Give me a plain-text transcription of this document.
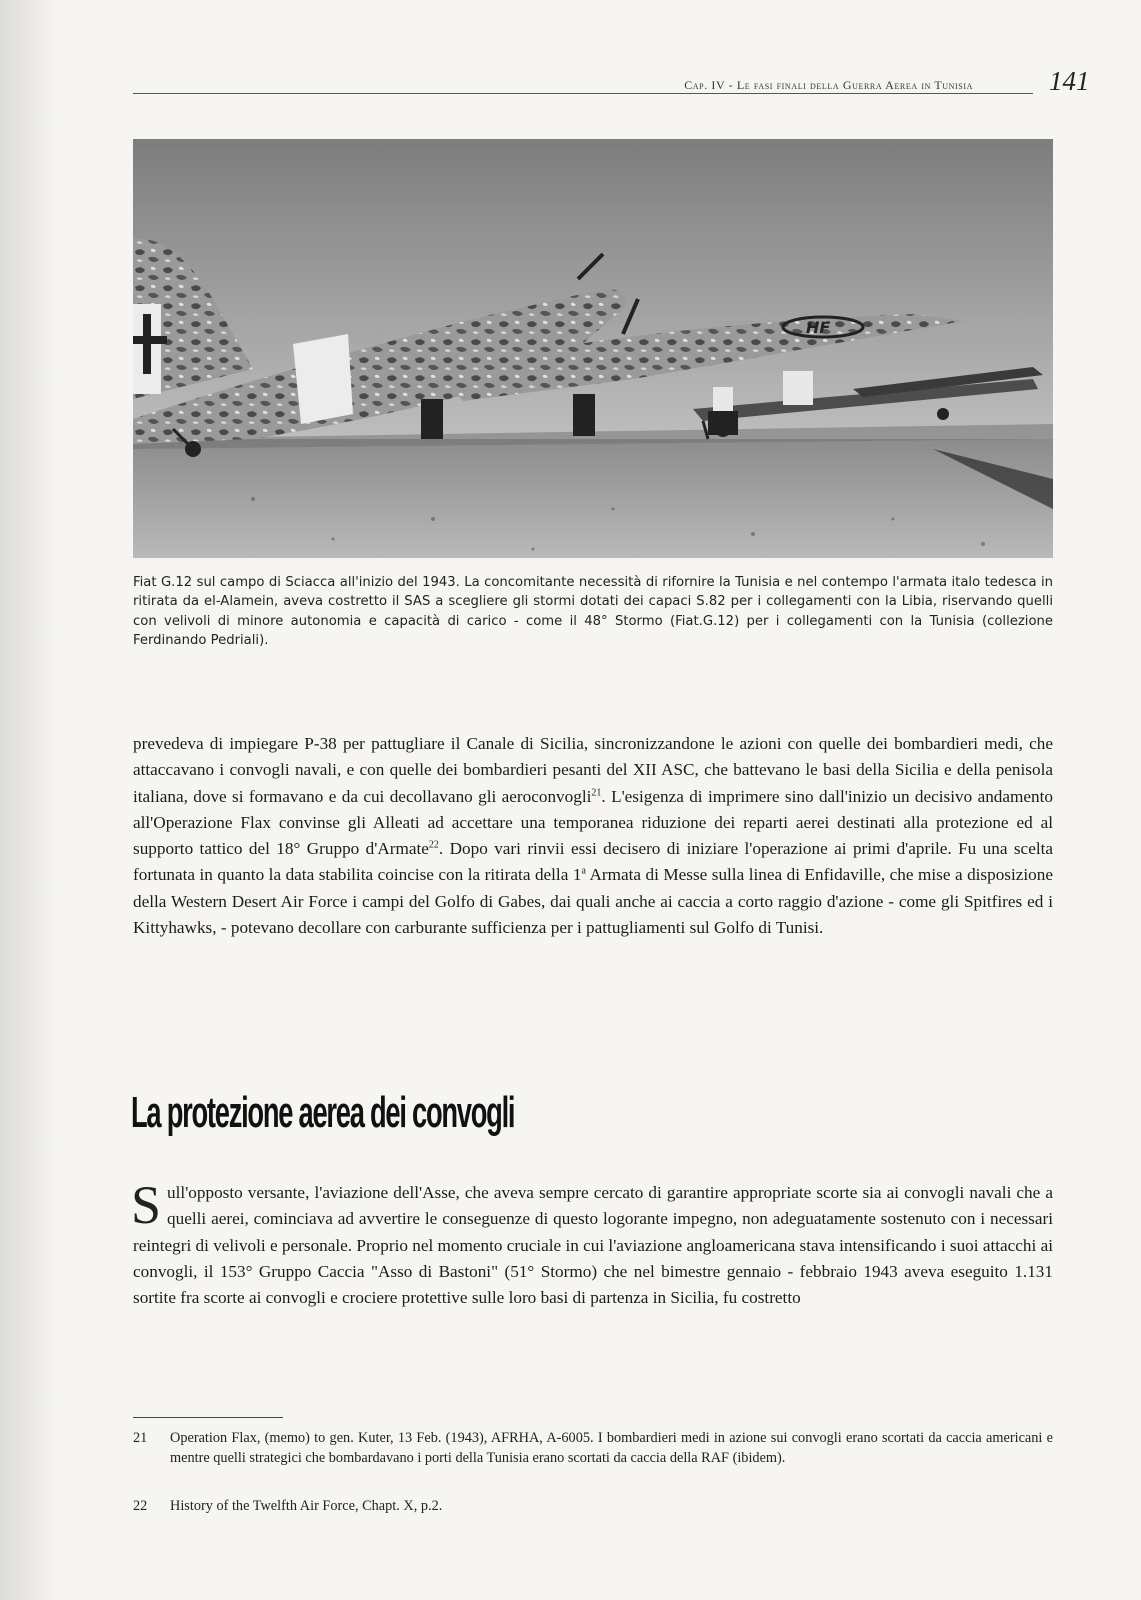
Cap. IV - Le fasi finali della Guerra Aerea in Tunisia	141
HF

Fiat G.12 sul campo di Sciacca all'inizio del 1943. La concomitante necessità di rifornire la Tunisia e nel contempo l'armata italo tedesca in ritirata da el-Alamein, aveva costretto il SAS a scegliere gli stormi dotati dei capaci S.82 per i collegamenti con la Libia, riservando quelli con velivoli di minore autonomia e capacità di carico - come il 48° Stormo (Fiat.G.12) per i collegamenti con la Tunisia (collezione Ferdinando Pedriali).

prevedeva di impiegare P-38 per pattugliare il Canale di Sicilia, sincronizzandone le azioni con quelle dei bombardieri medi, che attaccavano i convogli navali, e con quelle dei bombardieri pesanti del XII ASC, che battevano le basi della Sicilia e della penisola italiana, dove si formavano e da cui decollavano gli aeroconvogli$^{21}$. L'esigenza di imprimere sino dall'inizio un decisivo andamento all'Operazione Flax convinse gli Alleati ad accettare una temporanea riduzione dei reparti aerei destinati alla protezione ed al supporto tattico del 18° Gruppo d'Armate$^{22}$. Dopo vari rinvii essi decisero di iniziare l'operazione ai primi d'aprile. Fu una scelta fortunata in quanto la data stabilita coincise con la ritirata della 1$^a$ Armata di Messe sulla linea di Enfidaville, che mise a disposizione della Western Desert Air Force i campi del Golfo di Gabes, dai quali anche ai caccia a corto raggio d'azione - come gli Spitfires ed i Kittyhawks, - potevano decollare con carburante sufficienza per i pattugliamenti sul Golfo di Tunisi.

La protezione aerea dei convogli

Sull'opposto versante, l'aviazione dell'Asse, che aveva sempre cercato di garantire appropriate scorte sia ai convogli navali che a quelli aerei, cominciava ad avvertire le conseguenze di questo logorante impegno, non adeguatamente sostenuto con i necessari reintegri di velivoli e personale. Proprio nel momento cruciale in cui l'aviazione angloamericana stava intensificando i suoi attacchi ai convogli, il 153° Gruppo Caccia "Asso di Bastoni" (51° Stormo) che nel bimestre gennaio - febbraio 1943 aveva eseguito 1.131 sortite fra scorte ai convogli e crociere protettive sulle loro basi di partenza in Sicilia, fu costretto

21 Operation Flax, (memo) to gen. Kuter, 13 Feb. (1943), AFRHA, A-6005. I bombardieri medi in azione sui convogli erano scortati da caccia americani e mentre quelli strategici che bombardavano i porti della Tunisia erano scortati da caccia della RAF (ibidem).

22 History of the Twelfth Air Force, Chapt. X, p.2.
